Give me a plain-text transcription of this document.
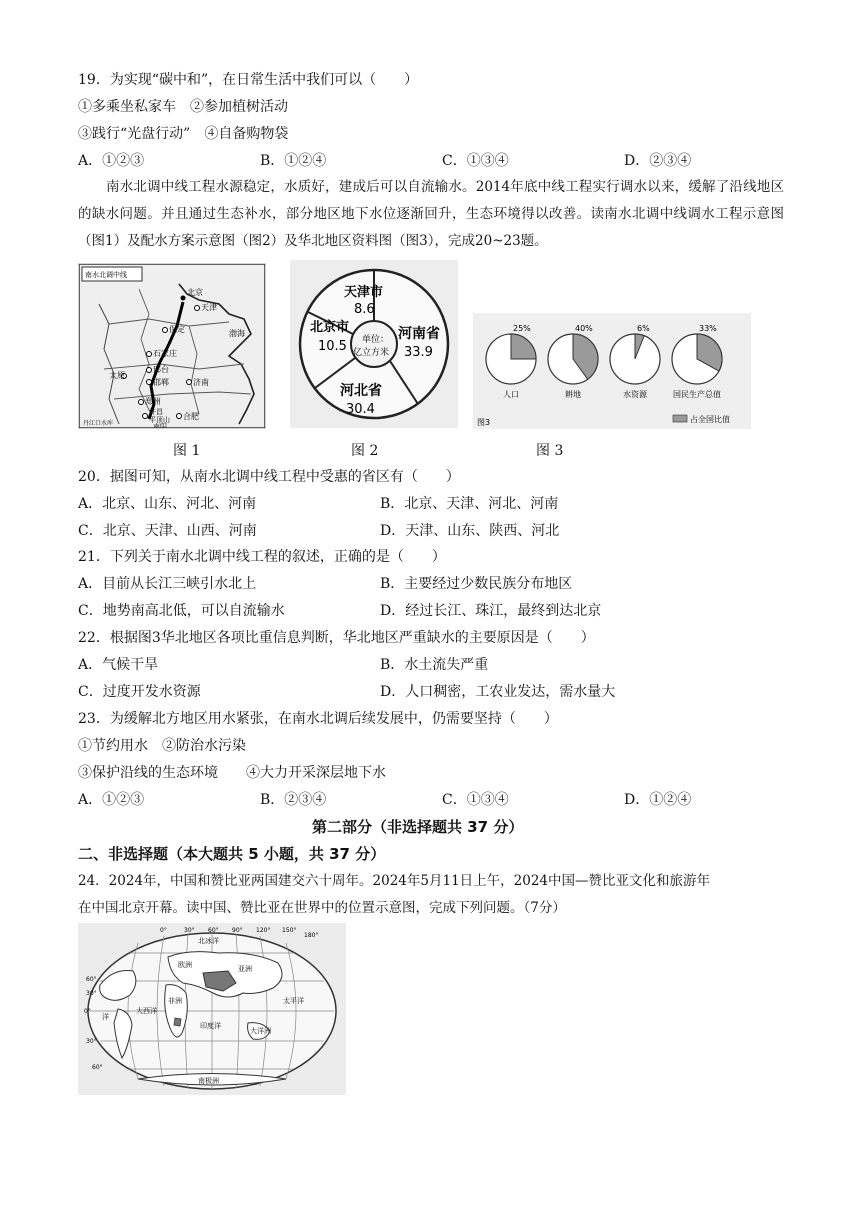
19．为实现“碳中和”，在日常生活中我们可以（　　）
①多乘坐私家车　②参加植树活动
③践行“光盘行动”　④自备购物袋
A．①②③	B．①②④	C．①③④	D．②③④
南水北调中线工程水源稳定，水质好，建成后可以自流输水。2014年底中线工程实行调水以来，缓解了沿线地区的缺水问题。并且通过生态补水，部分地区地下水位逐渐回升，生态环境得以改善。读南水北调中线调水工程示意图（图1）及配水方案示意图（图2）及华北地区资料图（图3），完成20~23题。
南水北调中线
北京
天津
保定	渤海
石家庄
邢台
邯郸
太原
济南
郑州
许昌
平顶山
南阳
合肥
丹江口水库
图 1
天津市
8.6
北京市
10.5
河南省
33.9
河北省
30.4
单位：
亿立方米
图 2
图3	占全国比值
25%
人口
40%
耕地
6%
水资源
33%
国民生产总值
图 3
20．据图可知，从南水北调中线工程中受惠的省区有（　　）
A．北京、山东、河北、河南	B．北京、天津、河北、河南
C．北京、天津、山西、河南	D．天津、山东、陕西、河北
21．下列关于南水北调中线工程的叙述，正确的是（　　）
A．目前从长江三峡引水北上	B．主要经过少数民族分布地区
C．地势南高北低，可以自流输水	D．经过长江、珠江，最终到达北京
22．根据图3华北地区各项比重信息判断，华北地区严重缺水的主要原因是（　　）
A．气候干旱	B．水土流失严重
C．过度开发水资源	D．人口稠密，工农业发达，需水量大
23．为缓解北方地区用水紧张，在南水北调后续发展中，仍需要坚持（　　）
①节约用水　②防治水污染
③保护沿线的生态环境　　④大力开采深层地下水
A．①②③	B．②③④	C．①③④	D．①②④
第二部分（非选择题共 37 分）
二、非选择题（本大题共 5 小题，共 37 分）
24．2024年，中国和赞比亚两国建交六十周年。2024年5月11日上午，2024中国—赞比亚文化和旅游年
在中国北京开幕。读中国、赞比亚在世界中的位置示意图，完成下列问题。（7分）
北冰洋
欧洲	亚洲
非洲	太平洋
大洋洲
南极洲
印度洋
大西洋
洋
0°	30° 60° 90° 120° 150°
180°
60°
30°
0°
30°
60°
